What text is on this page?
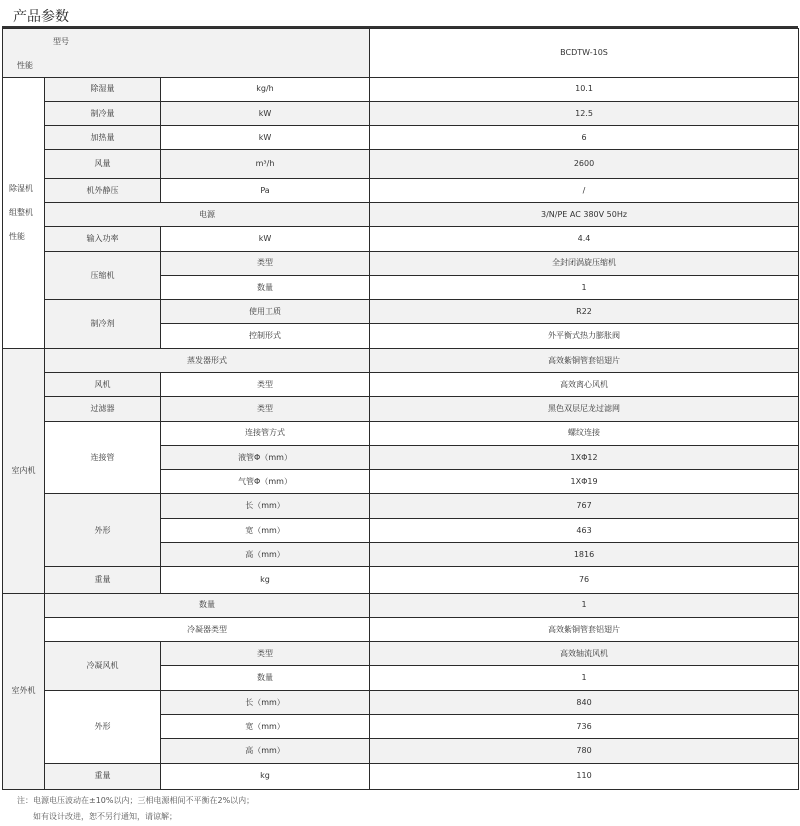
产品参数
型号
性能			BCDTW-10S

除湿机
组整机
性能	除湿量	kg/h	10.1
	制冷量	kW	12.5
	加热量	kW	6
	风量	m³/h	2600
	机外静压	Pa	/
	电源		3/N/PE AC 380V 50Hz
	输入功率	kW	4.4
	压缩机	类型	全封闭涡旋压缩机
		数量	1
	制冷剂	使用工质	R22
		控制形式	外平衡式热力膨胀阀
室内机	蒸发器形式		高效紫铜管套铝翅片
	风机	类型	高效离心风机
	过滤器	类型	黑色双层尼龙过滤网
	连接管	连接管方式	螺纹连接
		液管Φ（mm）	1XΦ12
		气管Φ（mm）	1XΦ19
	外形	长（mm）	767
		宽（mm）	463
		高（mm）	1816
	重量	kg	76
室外机	数量		1
	冷凝器类型		高效紫铜管套铝翅片
	冷凝风机	类型	高效轴流风机
		数量	1
	外形	长（mm）	840
		宽（mm）	736
		高（mm）	780
	重量	kg	110
注：电源电压波动在±10%以内；三相电源相间不平衡在2%以内；
如有设计改进，恕不另行通知，请谅解；
